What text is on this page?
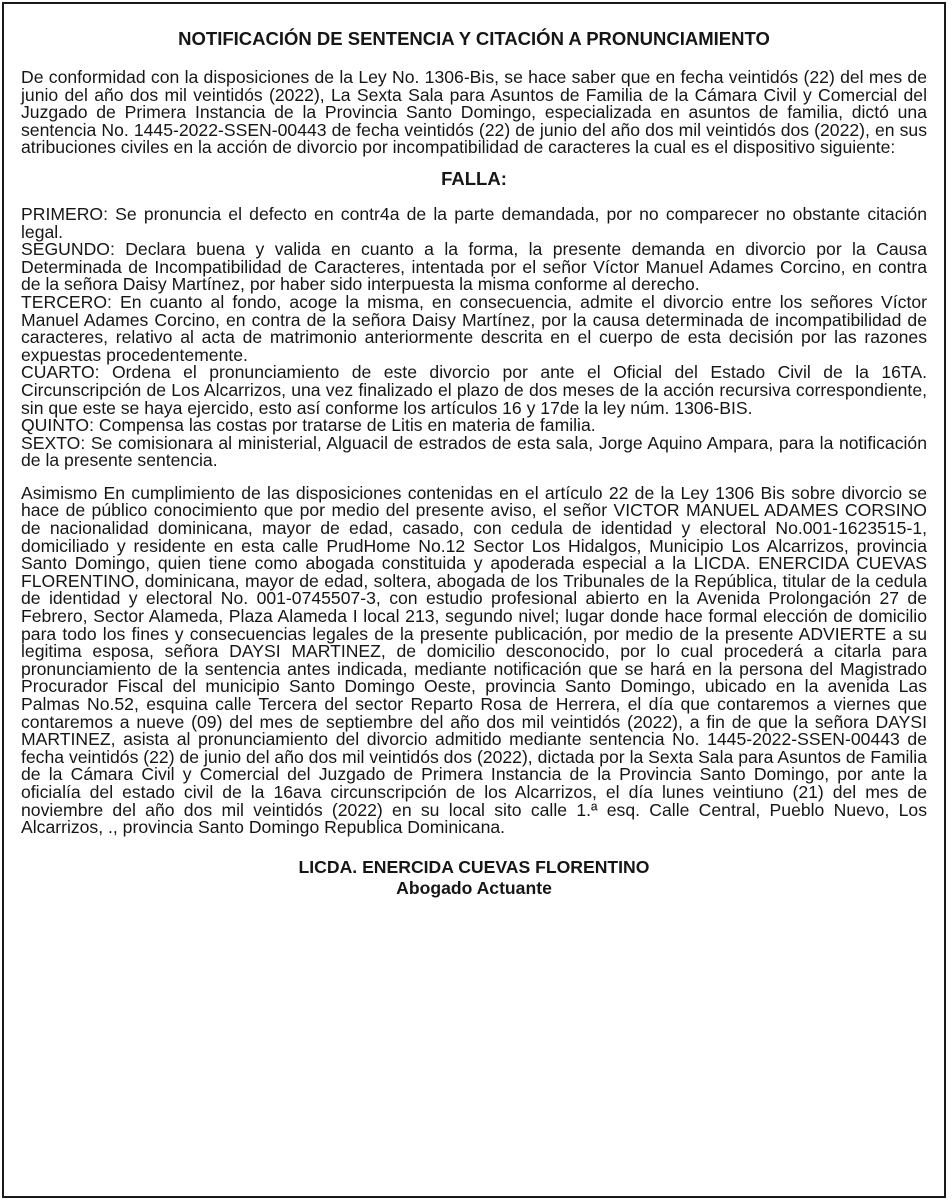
NOTIFICACIÓN DE SENTENCIA Y CITACIÓN A PRONUNCIAMIENTO

De conformidad con la disposiciones de la Ley No. 1306-Bis, se hace saber que en fecha veintidós (22) del mes de junio del año dos mil veintidós (2022), La Sexta Sala para Asuntos de Familia de la Cámara Civil y Comercial del Juzgado de Primera Instancia de la Provincia Santo Domingo, especializada en asuntos de familia, dictó una sentencia No. 1445-2022-SSEN-00443 de fecha veintidós (22) de junio del año dos mil veintidós dos (2022), en sus atribuciones civiles en la acción de divorcio por incompatibilidad de caracteres la cual es el dispositivo siguiente:

FALLA:

PRIMERO: Se pronuncia el defecto en contr4a de la parte demandada, por no comparecer no obstante citación legal.

SEGUNDO: Declara buena y valida en cuanto a la forma, la presente demanda en divorcio por la Causa Determinada de Incompatibilidad de Caracteres, intentada por el señor Víctor Manuel Adames Corcino, en contra de la señora Daisy Martínez, por haber sido interpuesta la misma conforme al derecho.

TERCERO: En cuanto al fondo, acoge la misma, en consecuencia, admite el divorcio entre los señores Víctor Manuel Adames Corcino, en contra de la señora Daisy Martínez, por la causa determinada de incompatibilidad de caracteres, relativo al acta de matrimonio anteriormente descrita en el cuerpo de esta decisión por las razones expuestas procedentemente.

CUARTO: Ordena el pronunciamiento de este divorcio por ante el Oficial del Estado Civil de la 16TA. Circunscripción de Los Alcarrizos, una vez finalizado el plazo de dos meses de la acción recursiva correspondiente, sin que este se haya ejercido, esto así conforme los artículos 16 y 17de la ley núm. 1306-BIS.

QUINTO: Compensa las costas por tratarse de Litis en materia de familia.

SEXTO: Se comisionara al ministerial, Alguacil de estrados de esta sala, Jorge Aquino Ampara, para la notificación de la presente sentencia.

Asimismo En cumplimiento de las disposiciones contenidas en el artículo 22 de la Ley 1306 Bis sobre divorcio se hace de público conocimiento que por medio del presente aviso, el señor VICTOR MANUEL ADAMES CORSINO de nacionalidad dominicana, mayor de edad, casado, con cedula de identidad y electoral No.001-1623515-1, domiciliado y residente en esta calle PrudHome No.12 Sector Los Hidalgos, Municipio Los Alcarrizos, provincia Santo Domingo, quien tiene como abogada constituida y apoderada especial a la LICDA. ENERCIDA CUEVAS FLORENTINO, dominicana, mayor de edad, soltera, abogada de los Tribunales de la República, titular de la cedula de identidad y electoral No. 001-0745507-3, con estudio profesional abierto en la Avenida Prolongación 27 de Febrero, Sector Alameda, Plaza Alameda I local 213, segundo nivel; lugar donde hace formal elección de domicilio para todo los fines y consecuencias legales de la presente publicación, por medio de la presente ADVIERTE a su legitima esposa, señora DAYSI MARTINEZ, de domicilio desconocido, por lo cual procederá a citarla para pronunciamiento de la sentencia antes indicada, mediante notificación que se hará en la persona del Magistrado Procurador Fiscal del municipio Santo Domingo Oeste, provincia Santo Domingo, ubicado en la avenida Las Palmas No.52, esquina calle Tercera del sector Reparto Rosa de Herrera, el día que contaremos a viernes que contaremos a nueve (09) del mes de septiembre del año dos mil veintidós (2022), a fin de que la señora DAYSI MARTINEZ, asista al pronunciamiento del divorcio admitido mediante sentencia No. 1445-2022-SSEN-00443 de fecha veintidós (22) de junio del año dos mil veintidós dos (2022), dictada por la Sexta Sala para Asuntos de Familia de la Cámara Civil y Comercial del Juzgado de Primera Instancia de la Provincia Santo Domingo, por ante la oficialía del estado civil de la 16ava circunscripción de los Alcarrizos, el día lunes veintiuno (21) del mes de noviembre del año dos mil veintidós (2022) en su local sito calle 1.ª esq. Calle Central, Pueblo Nuevo, Los Alcarrizos, ., provincia Santo Domingo Republica Dominicana.

LICDA. ENERCIDA CUEVAS FLORENTINO
Abogado Actuante
